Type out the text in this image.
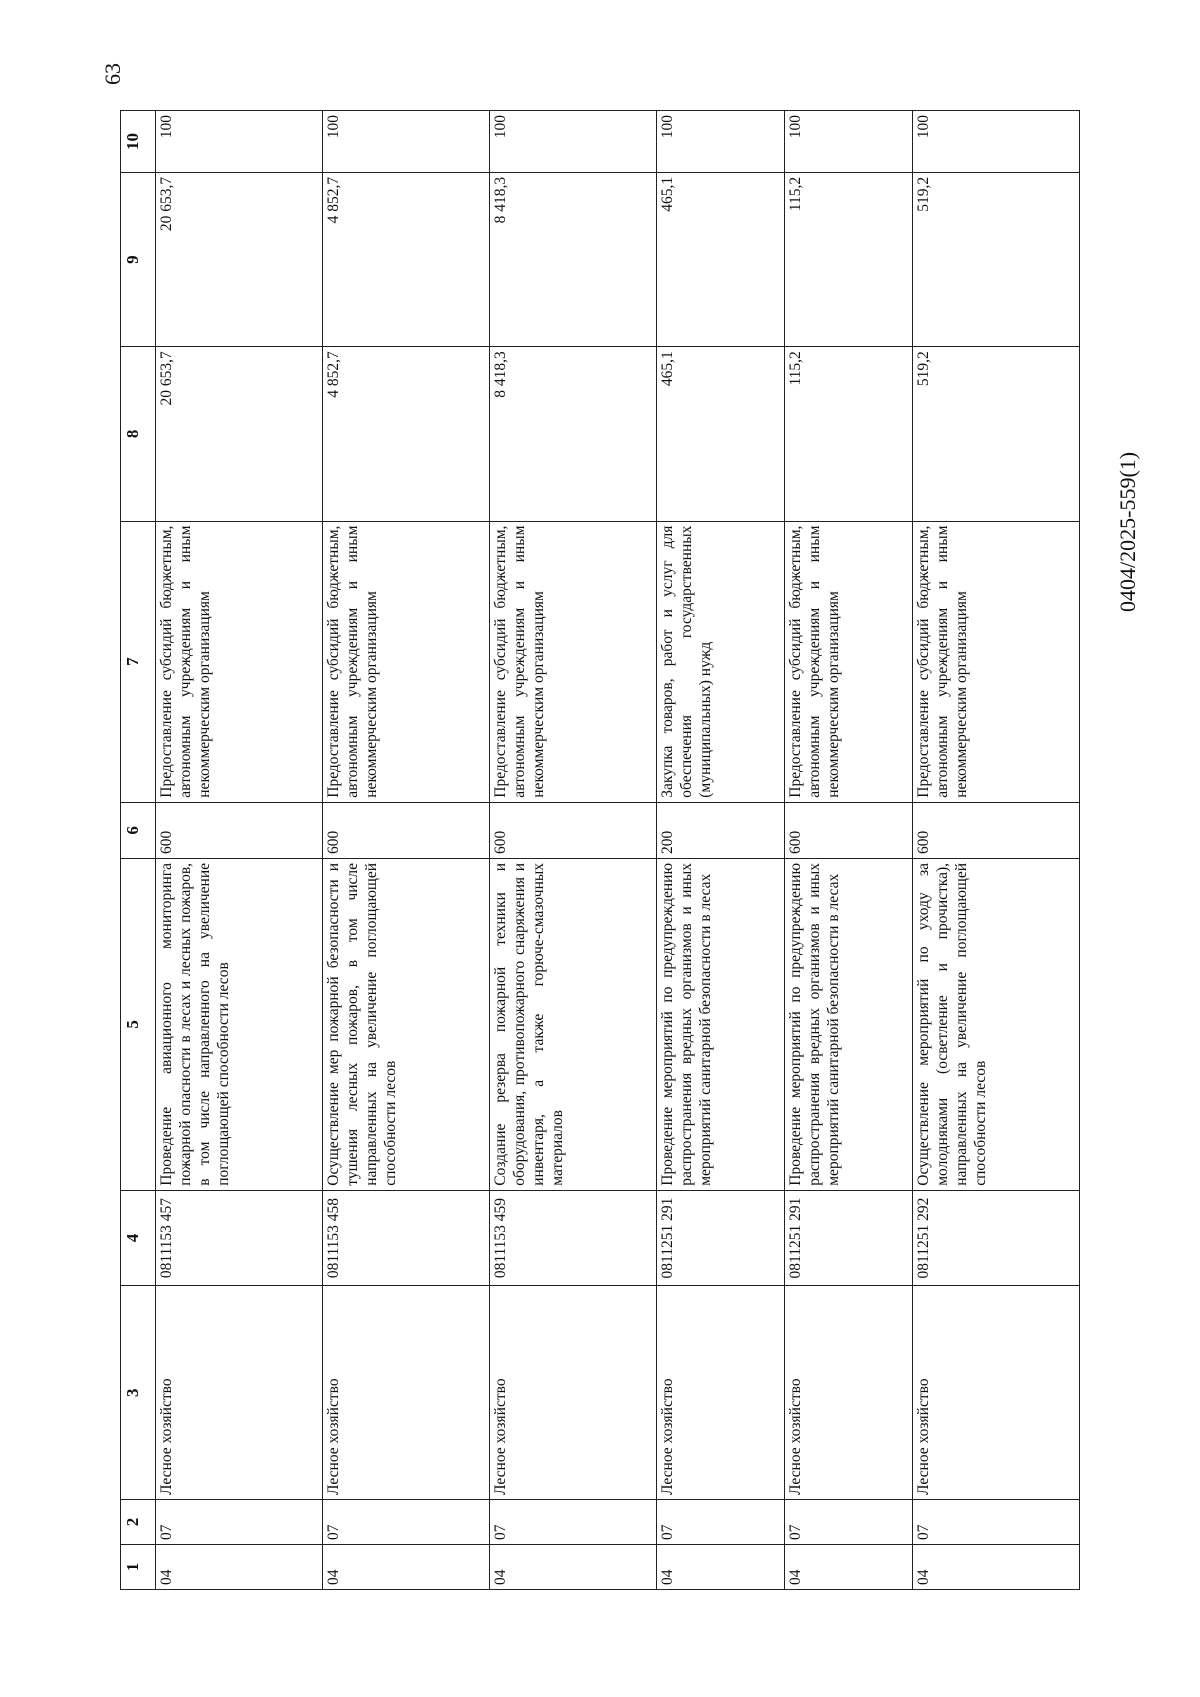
63
1	2	3	4	5	6	7	8	9	10
04	07	Лесное хозяйство	0811153 457	Проведение авиационного мониторинга пожарной опасности в лесах и лесных пожаров, в том числе направленного на увеличение поглощающей способности лесов	600	Предоставление субсидий бюджетным, автономным учреждениям и иным некоммерческим организациям	20 653,7	20 653,7	100
04	07	Лесное хозяйство	0811153 458	Осуществление мер пожарной безопасности и тушения лесных пожаров, в том числе направленных на увеличение поглощающей способности лесов	600	Предоставление субсидий бюджетным, автономным учреждениям и иным некоммерческим организациям	4 852,7	4 852,7	100
04	07	Лесное хозяйство	0811153 459	Создание резерва пожарной техники и оборудования, противопожарного снаряжения и инвентаря, а также горюче-смазочных материалов	600	Предоставление субсидий бюджетным, автономным учреждениям и иным некоммерческим организациям	8 418,3	8 418,3	100
04	07	Лесное хозяйство	0811251 291	Проведение мероприятий по предупреждению распространения вредных организмов и иных мероприятий санитарной безопасности в лесах	200	Закупка товаров, работ и услуг для обеспечения государственных (муниципальных) нужд	465,1	465,1	100
04	07	Лесное хозяйство	0811251 291	Проведение мероприятий по предупреждению распространения вредных организмов и иных мероприятий санитарной безопасности в лесах	600	Предоставление субсидий бюджетным, автономным учреждениям и иным некоммерческим организациям	115,2	115,2	100
04	07	Лесное хозяйство	0811251 292	Осуществление мероприятий по уходу за молодняками (осветление и прочистка), направленных на увеличение поглощающей способности лесов	600	Предоставление субсидий бюджетным, автономным учреждениям и иным некоммерческим организациям	519,2	519,2	100
0404/2025-559(1)
